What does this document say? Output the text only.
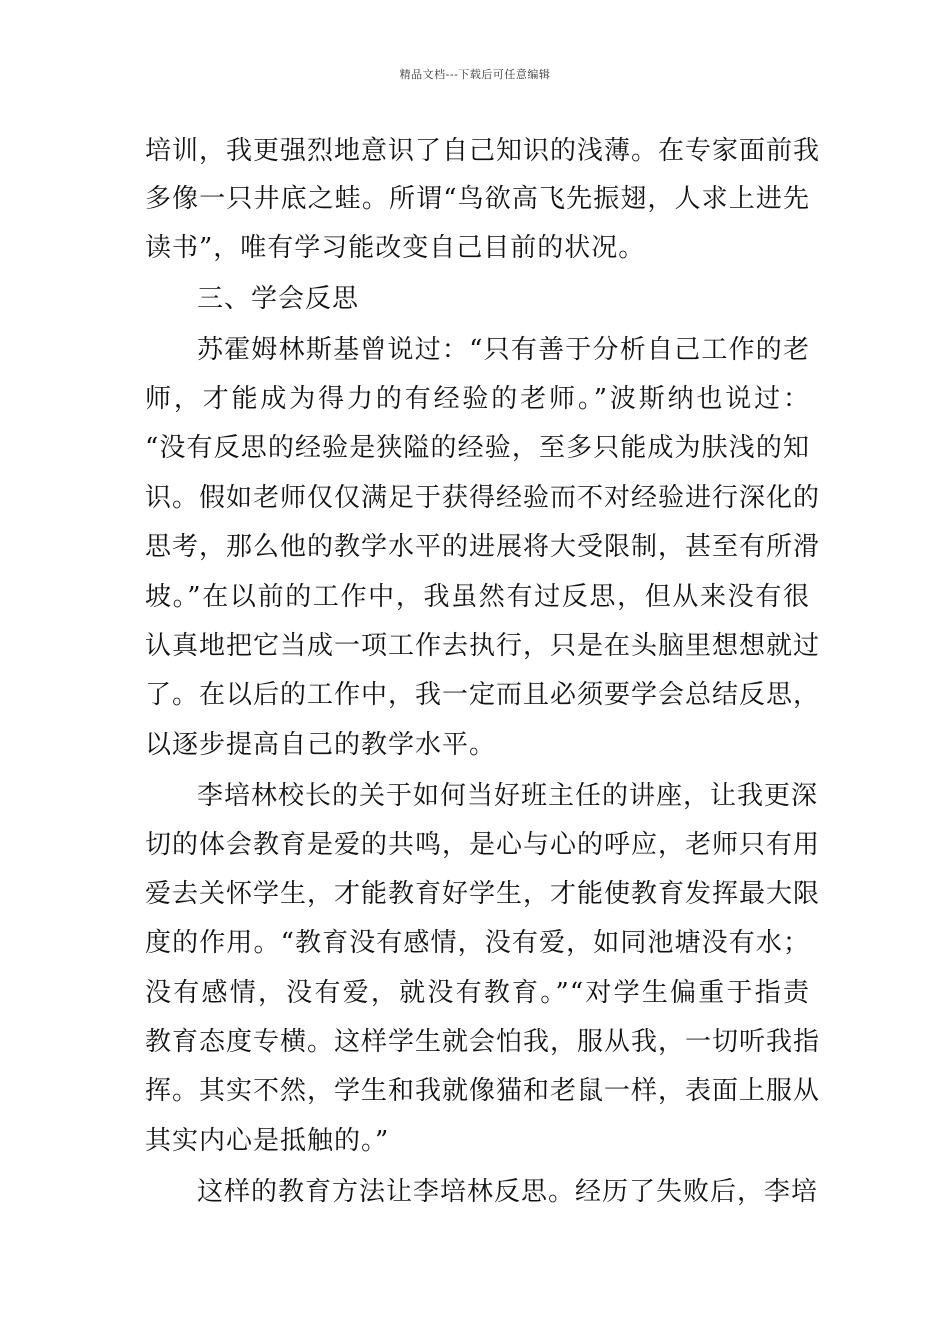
精品文档---下载后可任意编辑
培训，我更强烈地意识了自己知识的浅薄。在专家面前我
多像一只井底之蛙。所谓“鸟欲高飞先振翅，人求上进先
读书”，唯有学习能改变自己目前的状况。
三、学会反思
苏霍姆林斯基曾说过：“只有善于分析自己工作的老
师，才能成为得力的有经验的老师。”波斯纳也说过：
“没有反思的经验是狭隘的经验，至多只能成为肤浅的知
识。假如老师仅仅满足于获得经验而不对经验进行深化的
思考，那么他的教学水平的进展将大受限制，甚至有所滑
坡。”在以前的工作中，我虽然有过反思，但从来没有很
认真地把它当成一项工作去执行，只是在头脑里想想就过
了。在以后的工作中，我一定而且必须要学会总结反思，
以逐步提高自己的教学水平。
李培林校长的关于如何当好班主任的讲座，让我更深
切的体会教育是爱的共鸣，是心与心的呼应，老师只有用
爱去关怀学生，才能教育好学生，才能使教育发挥最大限
度的作用。“教育没有感情，没有爱，如同池塘没有水；
没有感情，没有爱，就没有教育。”“对学生偏重于指责
教育态度专横。这样学生就会怕我，服从我，一切听我指
挥。其实不然，学生和我就像猫和老鼠一样，表面上服从
其实内心是抵触的。”
这样的教育方法让李培林反思。经历了失败后，李培
